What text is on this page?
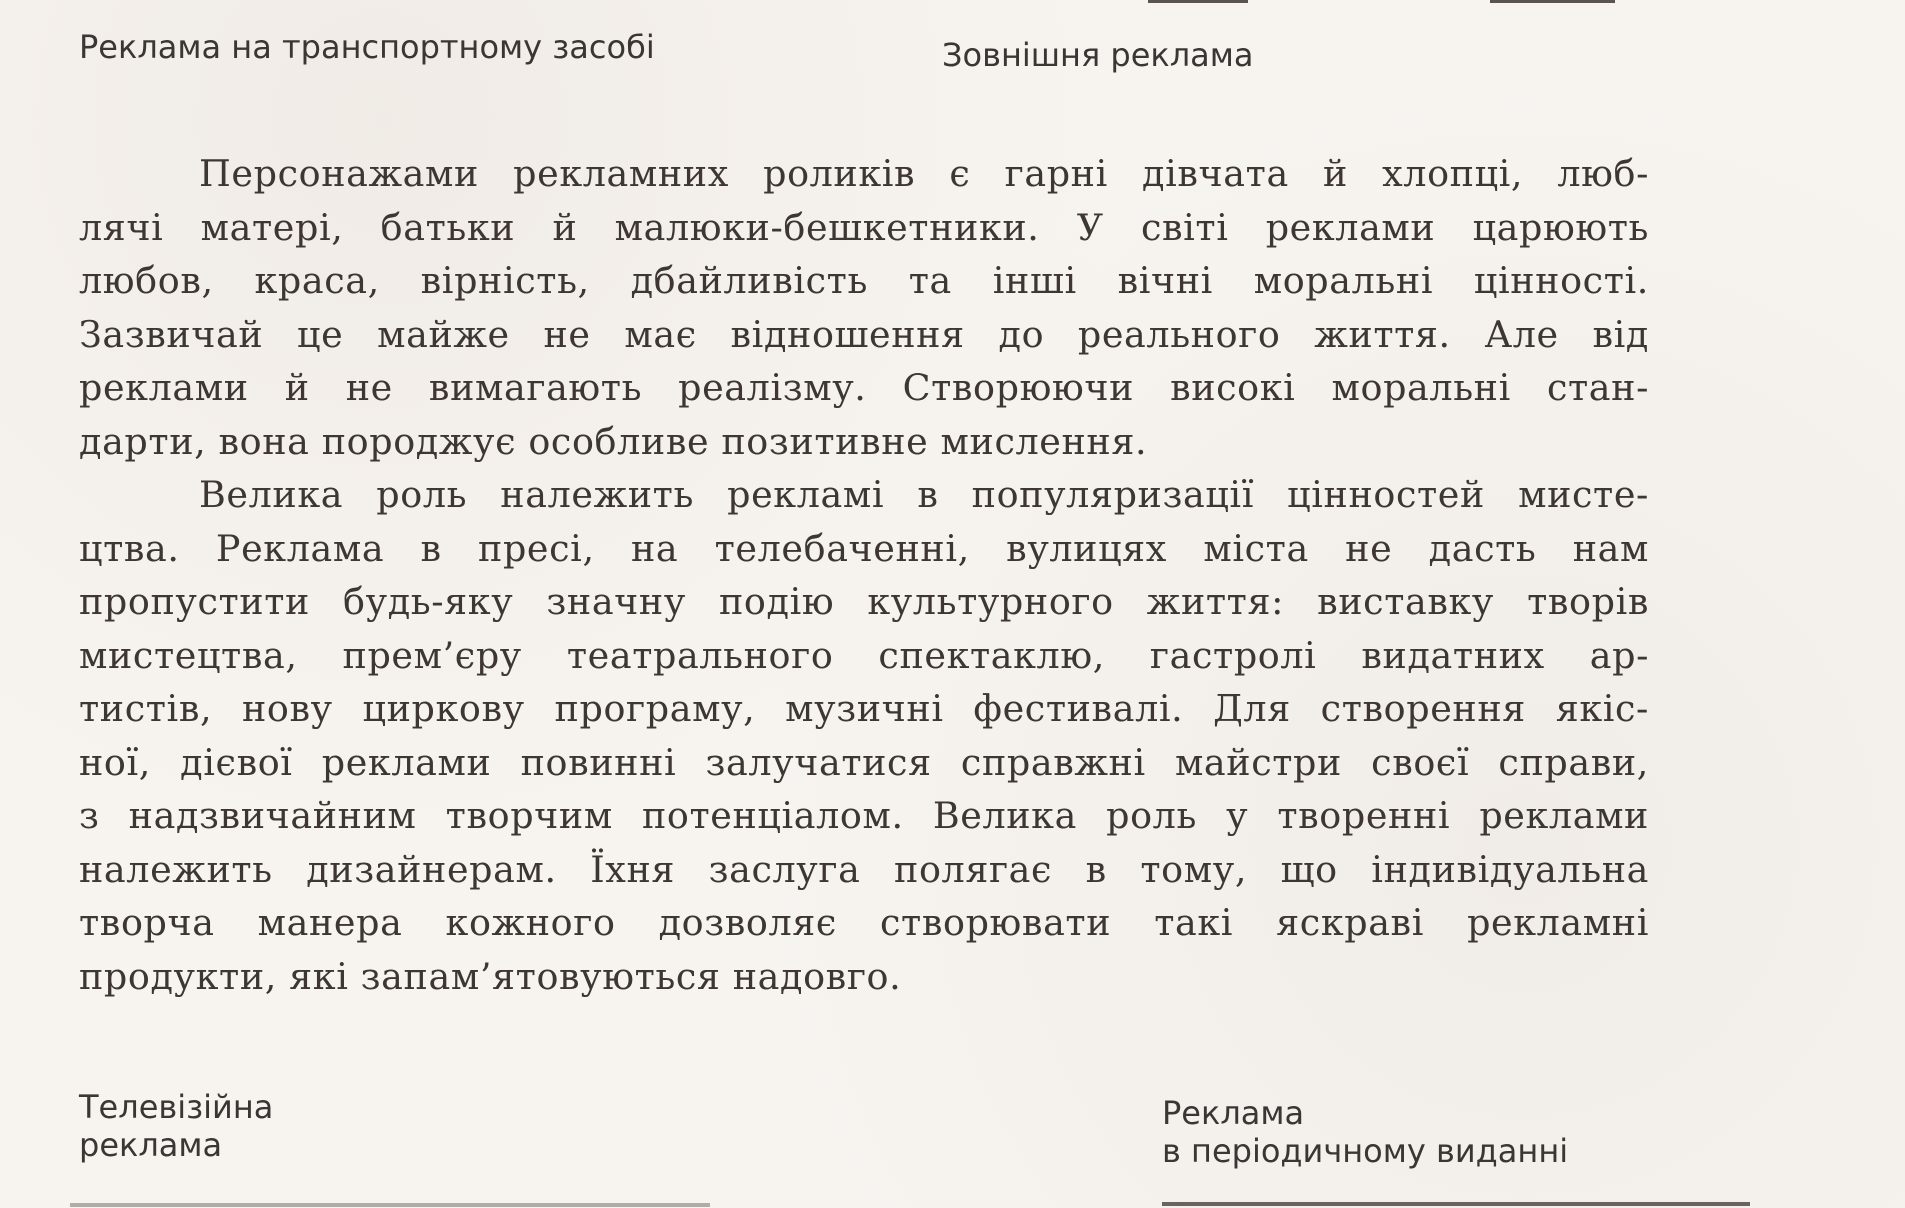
Реклама на транспортному засобі	Зовнішня реклама
Персонажами рекламних роликів є гарні дівчата й хлопці, люб-
лячі матері, батьки й малюки-бешкетники. У світі реклами царюють
любов, краса, вірність, дбайливість та інші вічні моральні цінності.
Зазвичай це майже не має відношення до реального життя. Але від
реклами й не вимагають реалізму. Створюючи високі моральні стан-
дарти, вона породжує особливе позитивне мислення.
Велика роль належить рекламі в популяризації цінностей мисте-
цтва. Реклама в пресі, на телебаченні, вулицях міста не дасть нам
пропустити будь-яку значну подію культурного життя: виставку творів
мистецтва, прем’єру театрального спектаклю, гастролі видатних ар-
тистів, нову циркову програму, музичні фестивалі. Для створення якіс-
ної, дієвої реклами повинні залучатися справжні майстри своєї справи,
з надзвичайним творчим потенціалом. Велика роль у творенні реклами
належить дизайнерам. Їхня заслуга полягає в тому, що індивідуальна
творча манера кожного дозволяє створювати такі яскраві рекламні
продукти, які запам’ятовуються надовго.
Телевізійна
реклама
Реклама
в періодичному виданні
